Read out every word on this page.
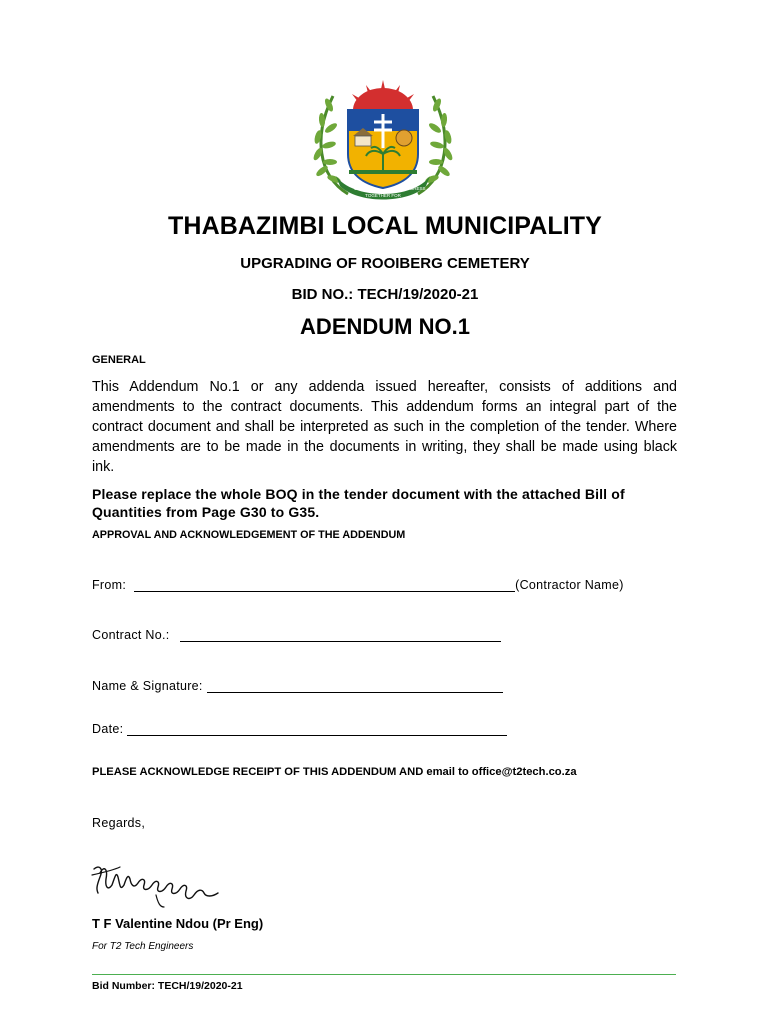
UNITED
TOGETHER FOR
PROGRESS
THABAZIMBI LOCAL MUNICIPALITY
UPGRADING OF ROOIBERG CEMETERY
BID NO.: TECH/19/2020-21
ADENDUM NO.1
GENERAL
This Addendum No.1 or any addenda issued hereafter, consists of additions and amendments to the contract documents. This addendum forms an integral part of the contract document and shall be interpreted as such in the completion of the tender. Where amendments are to be made in the documents in writing, they shall be made using black ink.
Please replace the whole BOQ in the tender document with the attached Bill of Quantities from Page G30 to G35.
APPROVAL AND ACKNOWLEDGEMENT OF THE ADDENDUM
From:	(Contractor Name)
Contract No.:
Name & Signature:
Date:
PLEASE ACKNOWLEDGE RECEIPT OF THIS ADDENDUM AND email to office@t2tech.co.za
Regards,
T F Valentine Ndou (Pr Eng)
For T2 Tech Engineers
Bid Number: TECH/19/2020-21
